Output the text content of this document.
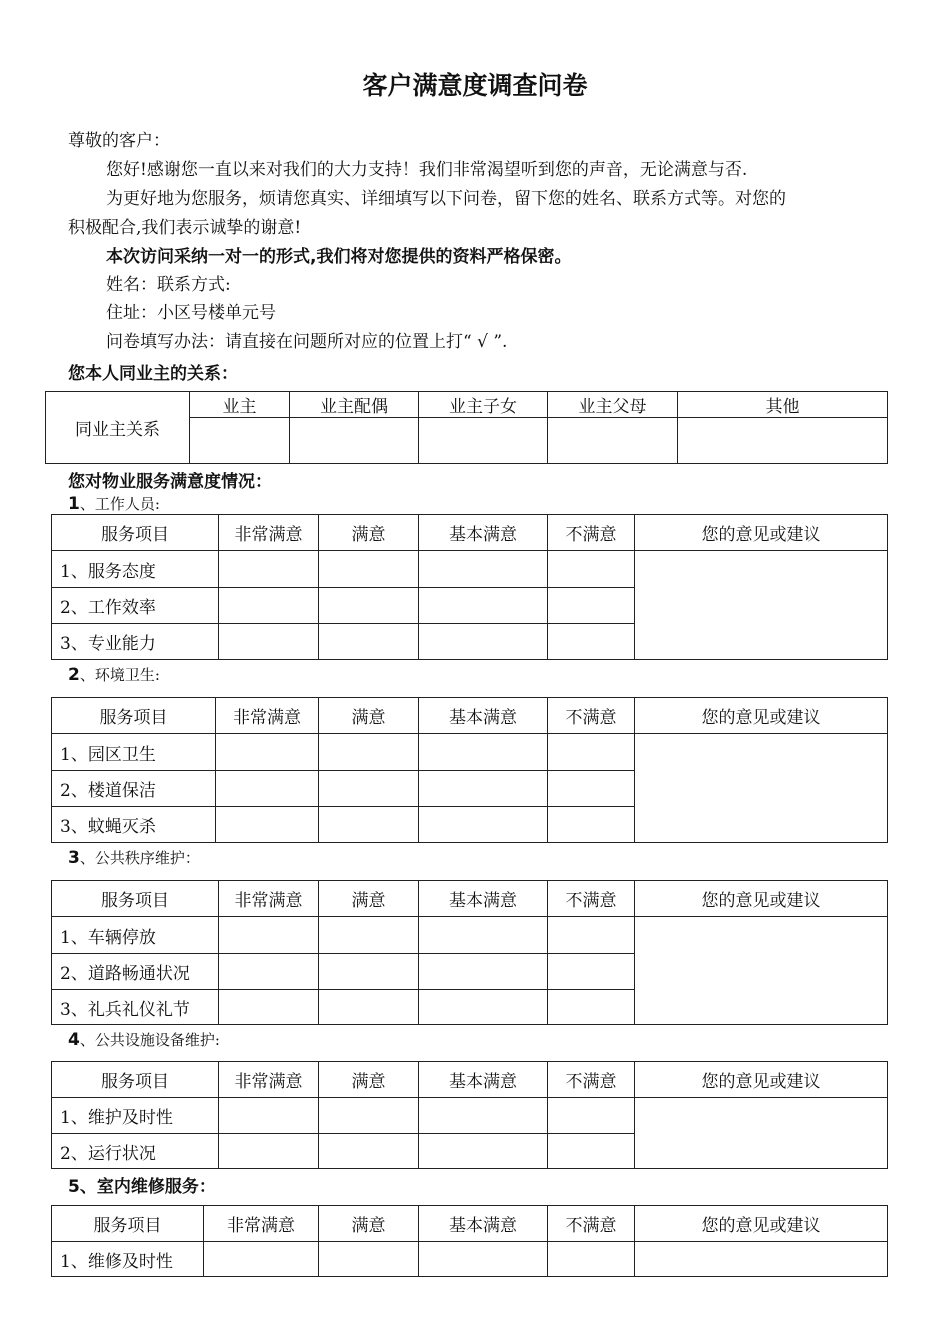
客户满意度调查问卷
尊敬的客户：
您好!感谢您一直以来对我们的大力支持！我们非常渴望听到您的声音，无论满意与否.
为更好地为您服务，烦请您真实、详细填写以下问卷，留下您的姓名、联系方式等。对您的
积极配合,我们表示诚挚的谢意!
本次访问采纳一对一的形式,我们将对您提供的资料严格保密。
姓名：联系方式:
住址：小区号楼单元号
问卷填写办法：请直接在问题所对应的位置上打“ √ ”.
您本人同业主的关系：
同业主关系	业主	业主配偶	业主子女	业主父母	其他

您对物业服务满意度情况：
1、工作人员:
服务项目	非常满意	满意	基本满意	不满意	您的意见或建议
1、服务态度					
2、工作效率					
3、专业能力					
2、环境卫生:
服务项目	非常满意	满意	基本满意	不满意	您的意见或建议
1、园区卫生					
2、楼道保洁					
3、蚊蝇灭杀					
3、公共秩序维护：
服务项目	非常满意	满意	基本满意	不满意	您的意见或建议
1、车辆停放					
2、道路畅通状况					
3、礼兵礼仪礼节					
4、公共设施设备维护:
服务项目	非常满意	满意	基本满意	不满意	您的意见或建议
1、维护及时性					
2、运行状况					
5、室内维修服务：
服务项目	非常满意	满意	基本满意	不满意	您的意见或建议
1、维修及时性					
